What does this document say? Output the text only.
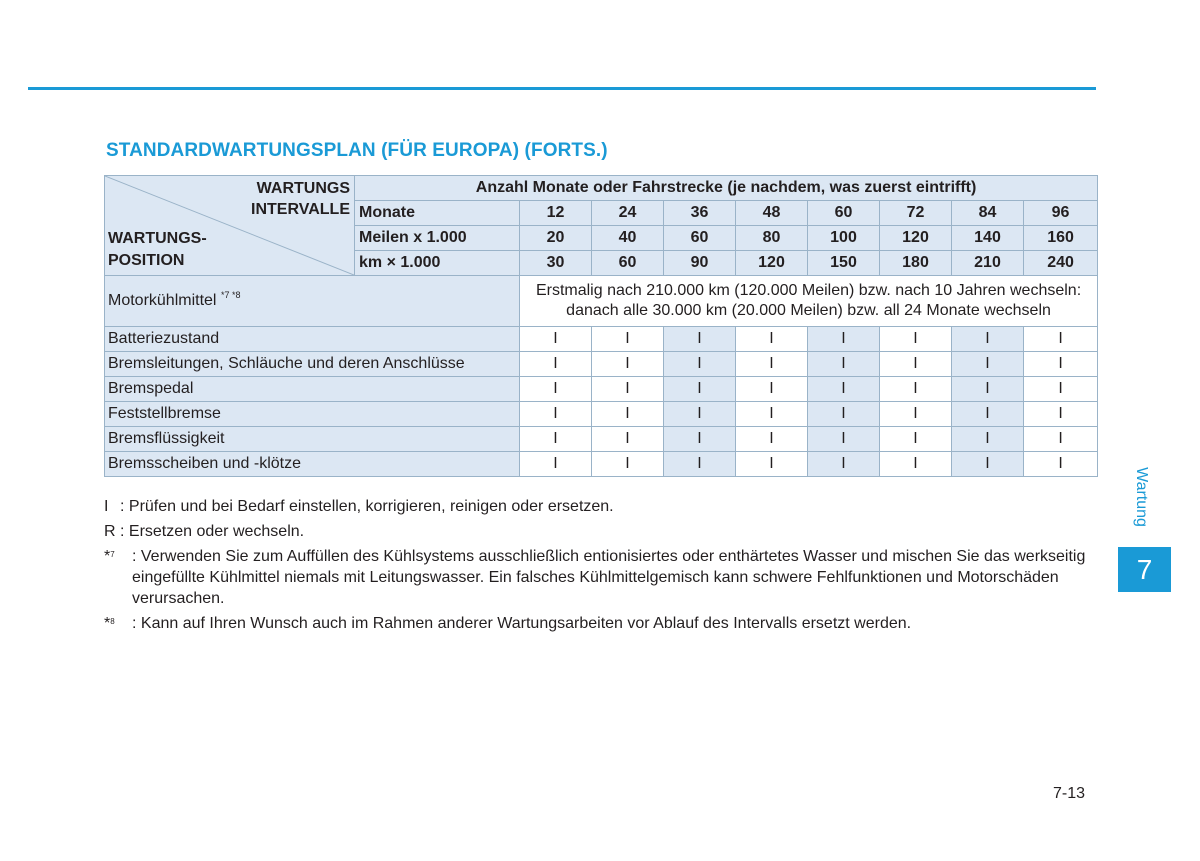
STANDARDWARTUNGSPLAN (FÜR EUROPA) (FORTS.)
WARTUNGS
INTERVALLE
WARTUNGS-
POSITION	Anzahl Monate oder Fahrstrecke (je nachdem, was zuerst eintrifft)								
	Monate	12	24	36	48	60	72	84	96
	Meilen x 1.000	20	40	60	80	100	120	140	160
	km × 1.000	30	60	90	120	150	180	210	240
Motorkühlmittel $^{*7 *8}$		Erstmalig nach 210.000 km (120.000 Meilen) bzw. nach 10 Jahren wechseln:
danach alle 30.000 km (20.000 Meilen) bzw. all 24 Monate wechseln							

Batteriezustand		I	I	I	I	I	I	I	I
Bremsleitungen, Schläuche und deren Anschlüsse		I	I	I	I	I	I	I	I
Bremspedal		I	I	I	I	I	I	I	I
Feststellbremse		I	I	I	I	I	I	I	I
Bremsflüssigkeit		I	I	I	I	I	I	I	I
Bremsscheiben und -klötze		I	I	I	I	I	I	I	I
I : Prüfen und bei Bedarf einstellen, korrigieren, reinigen oder ersetzen.
R : Ersetzen oder wechseln.
*$^7$ : Verwenden Sie zum Auffüllen des Kühlsystems ausschließlich entionisiertes oder enthärtetes Wasser und mischen Sie das werkseitig eingefüllte Kühlmittel niemals mit Leitungswasser. Ein falsches Kühlmittelgemisch kann schwere Fehlfunktionen und Motorschäden verursachen.
*$^8$ : Kann auf Ihren Wunsch auch im Rahmen anderer Wartungsarbeiten vor Ablauf des Intervalls ersetzt werden.
Wartung
7
7-13
